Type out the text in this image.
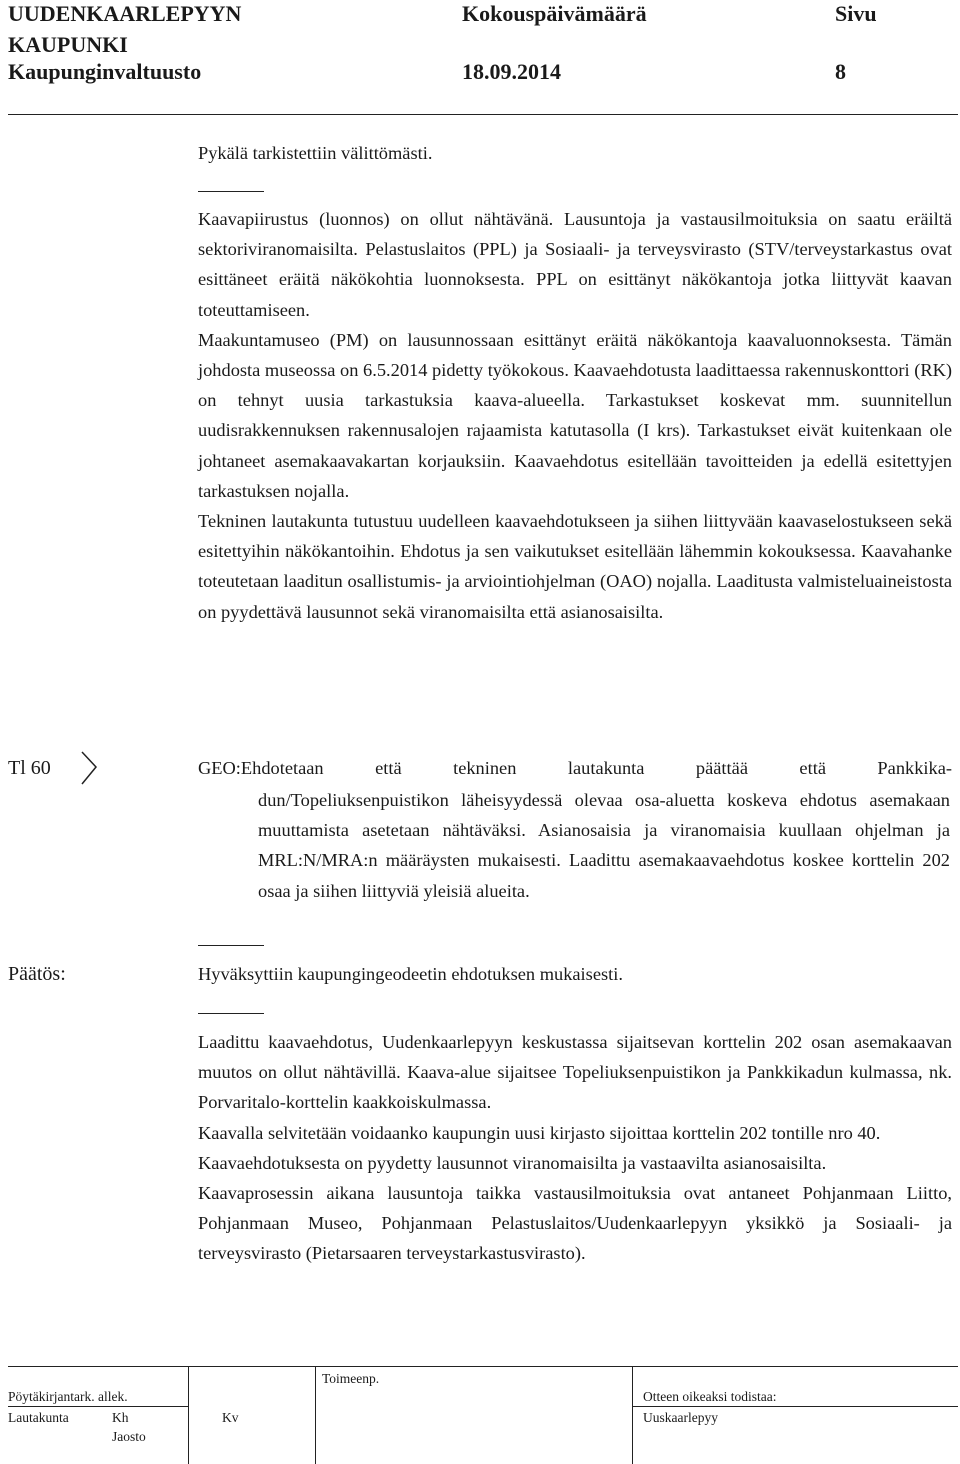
UUDENKAARLEPYYN	Kokouspäivämäärä	Sivu
KAUPUNKI
Kaupunginvaltuusto	18.09.2014	8

Pykälä tarkistettiin välittömästi.

Kaavapiirustus (luonnos) on ollut nähtävänä. Lausuntoja ja vastausilmoituksia on saatu eräiltä sektoriviranomaisilta. Pelastuslaitos (PPL) ja Sosiaali- ja terveysvirasto (STV/terveystarkastus ovat esittäneet eräitä näkökohtia luonnoksesta. PPL on esittänyt näkökantoja jotka liittyvät kaavan toteuttamiseen.

Maakuntamuseo (PM) on lausunnossaan esittänyt eräitä näkökantoja kaavaluonnoksesta. Tämän johdosta museossa on 6.5.2014 pidetty työkokous. Kaavaehdotusta laadittaessa rakennuskonttori (RK) on tehnyt uusia tarkastuksia kaava-alueella. Tarkastukset koskevat mm. suunnitellun uudisrakkennuksen rakennusalojen rajaamista katutasolla (I krs). Tarkastukset eivät kuitenkaan ole johtaneet asemakaavakartan korjauksiin. Kaavaehdotus esitellään tavoitteiden ja edellä esitettyjen tarkastuksen nojalla.

Tekninen lautakunta tutustuu uudelleen kaavaehdotukseen ja siihen liittyvään kaavaselostukseen sekä esitettyihin näkökantoihin. Ehdotus ja sen vaikutukset esitellään lähemmin kokouksessa. Kaavahanke toteutetaan laaditun osallistumis- ja arviointiohjelman (OAO) nojalla. Laaditusta valmisteluaineistosta on pyydettävä lausunnot sekä viranomaisilta että asianosaisilta.

Tl 60	GEO:Ehdotetaan että tekninen lautakunta päättää että Pankkika-

dun/Topeliuksenpuistikon läheisyydessä olevaa osa-aluetta koskeva ehdotus asemakaan muuttamista asetetaan nähtäväksi. Asianosaisia ja viranomaisia kuullaan ohjelman ja MRL:N/MRA:n määräysten mukaisesti. Laadittu asemakaavaehdotus koskee korttelin 202 osaa ja siihen liittyviä yleisiä alueita.

Päätös:	Hyväksyttiin kaupungingeodeetin ehdotuksen mukaisesti.

Laadittu kaavaehdotus, Uudenkaarlepyyn keskustassa sijaitsevan korttelin 202 osan asemakaavan muutos on ollut nähtävillä. Kaava-alue sijaitsee Topeliuksenpuistikon ja Pankkikadun kulmassa, nk. Porvaritalo-korttelin kaakkoiskulmassa.

Kaavalla selvitetään voidaanko kaupungin uusi kirjasto sijoittaa korttelin 202 tontille nro 40.

Kaavaehdotuksesta on pyydetty lausunnot viranomaisilta ja vastaavilta asianosaisilta.

Kaavaprosessin aikana lausuntoja taikka vastausilmoituksia ovat antaneet Pohjanmaan Liitto, Pohjanmaan Museo, Pohjanmaan Pelastuslaitos/Uudenkaarlepyyn yksikkö ja Sosiaali- ja terveysvirasto (Pietarsaaren terveystarkastusvirasto).

Toimeenp.
Pöytäkirjantark. allek.	Otteen oikeaksi todistaa:
Lautakunta	Kh	Kv	Uuskaarlepyy
Jaosto
